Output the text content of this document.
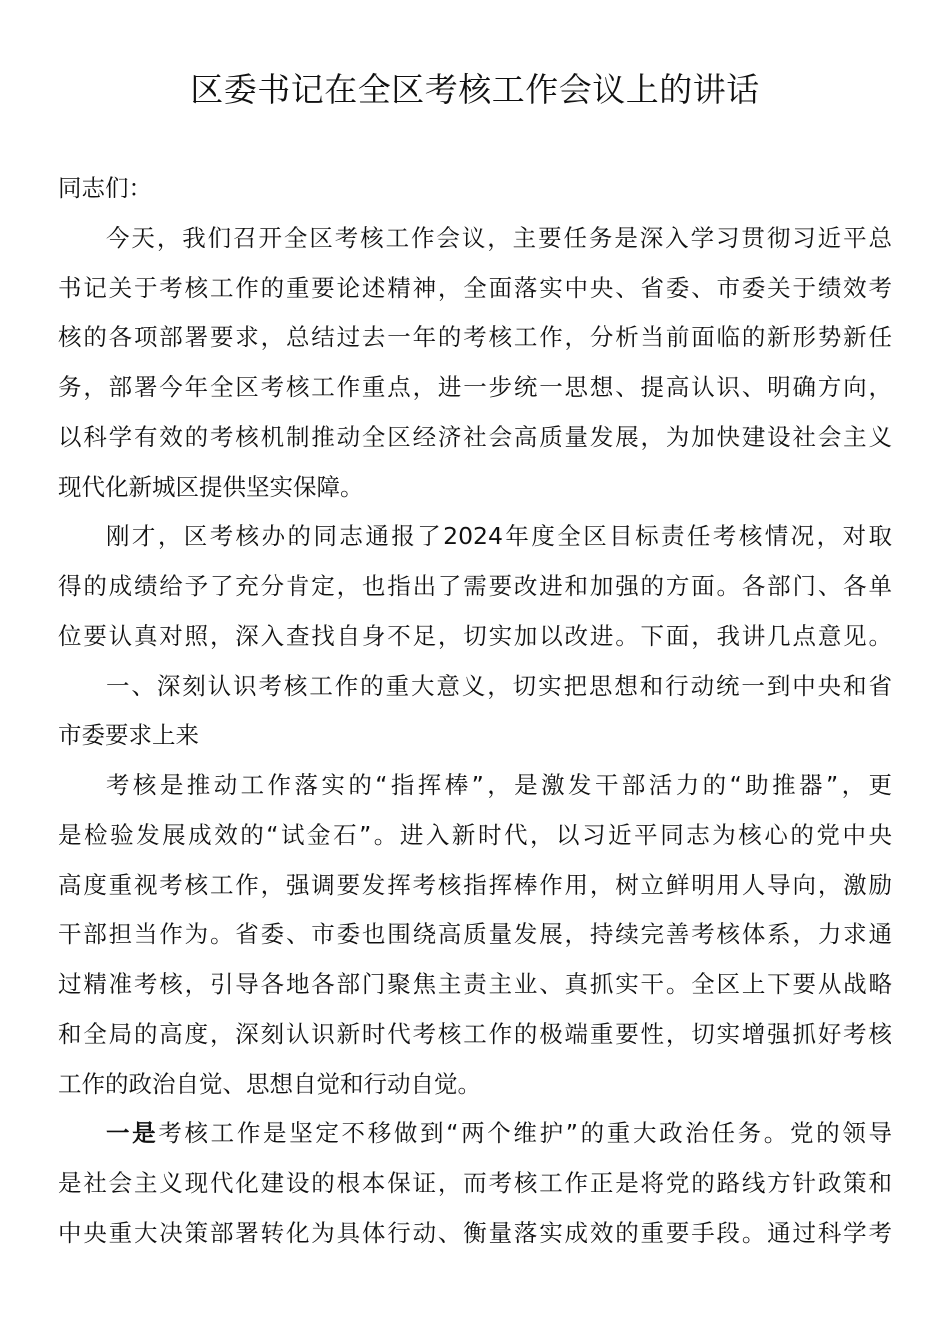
区委书记在全区考核工作会议上的讲话
同志们：
今天，我们召开全区考核工作会议，主要任务是深入学习贯彻习近平总
书记关于考核工作的重要论述精神，全面落实中央、省委、市委关于绩效考
核的各项部署要求，总结过去一年的考核工作，分析当前面临的新形势新任
务，部署今年全区考核工作重点，进一步统一思想、提高认识、明确方向，
以科学有效的考核机制推动全区经济社会高质量发展，为加快建设社会主义
现代化新城区提供坚实保障。
刚才，区考核办的同志通报了2024年度全区目标责任考核情况，对取
得的成绩给予了充分肯定，也指出了需要改进和加强的方面。各部门、各单
位要认真对照，深入查找自身不足，切实加以改进。下面，我讲几点意见。
一、深刻认识考核工作的重大意义，切实把思想和行动统一到中央和省
市委要求上来
考核是推动工作落实的“指挥棒”，是激发干部活力的“助推器”，更
是检验发展成效的“试金石”。进入新时代，以习近平同志为核心的党中央
高度重视考核工作，强调要发挥考核指挥棒作用，树立鲜明用人导向，激励
干部担当作为。省委、市委也围绕高质量发展，持续完善考核体系，力求通
过精准考核，引导各地各部门聚焦主责主业、真抓实干。全区上下要从战略
和全局的高度，深刻认识新时代考核工作的极端重要性，切实增强抓好考核
工作的政治自觉、思想自觉和行动自觉。
一是考核工作是坚定不移做到“两个维护”的重大政治任务。党的领导
是社会主义现代化建设的根本保证，而考核工作正是将党的路线方针政策和
中央重大决策部署转化为具体行动、衡量落实成效的重要手段。通过科学考
